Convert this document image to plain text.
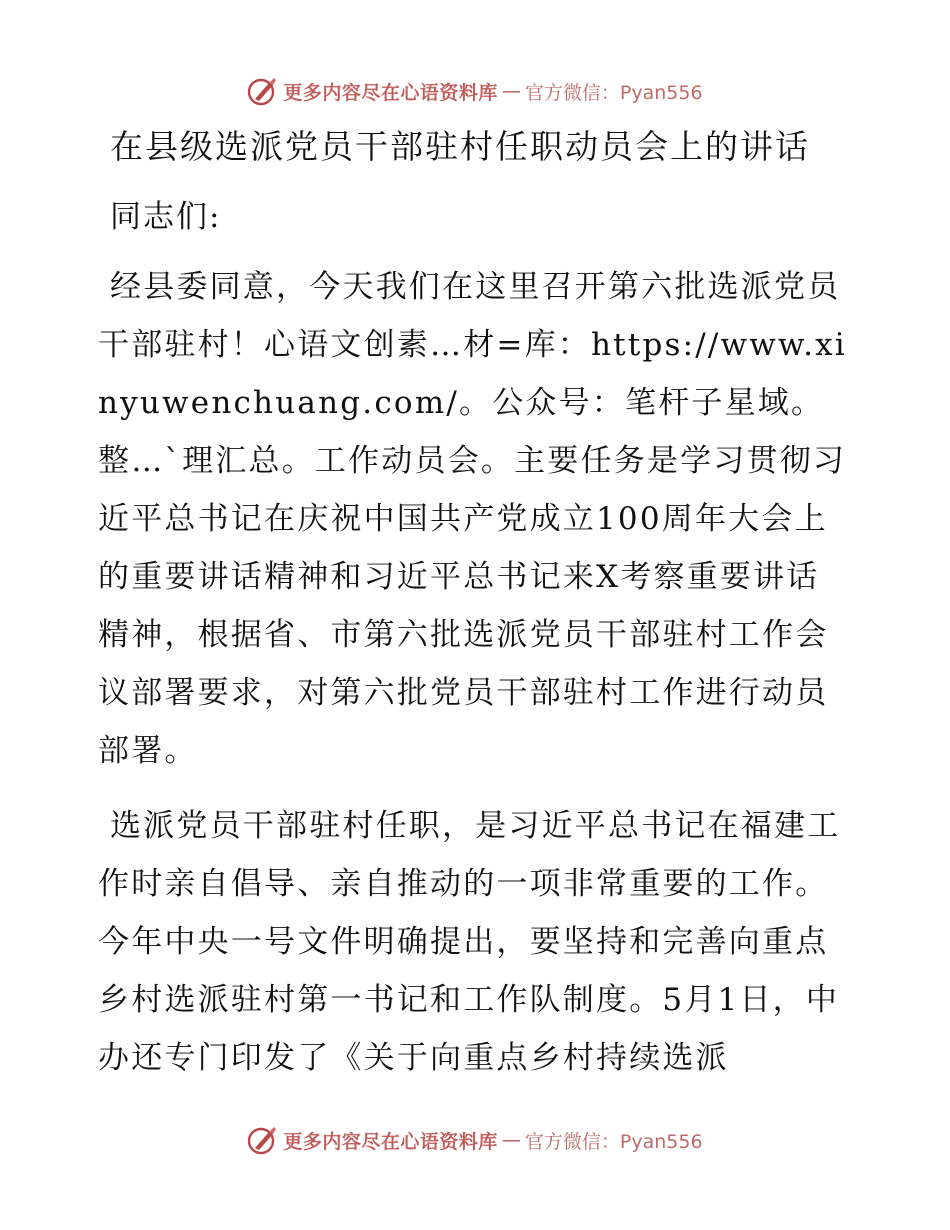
更多内容尽在心语资料库 — 官方微信：Pyan556
在县级选派党员干部驻村任职动员会上的讲话
同志们:

经县委同意，今天我们在这里召开第六批选派党员干部驻村！心语文创素…材=库：https://www.xinyuwenchuang.com/。公众号：笔杆子星域。整…`理汇总。工作动员会。主要任务是学习贯彻习近平总书记在庆祝中国共产党成立100周年大会上的重要讲话精神和习近平总书记来X考察重要讲话精神，根据省、市第六批选派党员干部驻村工作会议部署要求，对第六批党员干部驻村工作进行动员部署。

选派党员干部驻村任职，是习近平总书记在福建工作时亲自倡导、亲自推动的一项非常重要的工作。今年中央一号文件明确提出，要坚持和完善向重点乡村选派驻村第一书记和工作队制度。5月1日，中办还专门印发了《关于向重点乡村持续选派

更多内容尽在心语资料库 — 官方微信：Pyan556
